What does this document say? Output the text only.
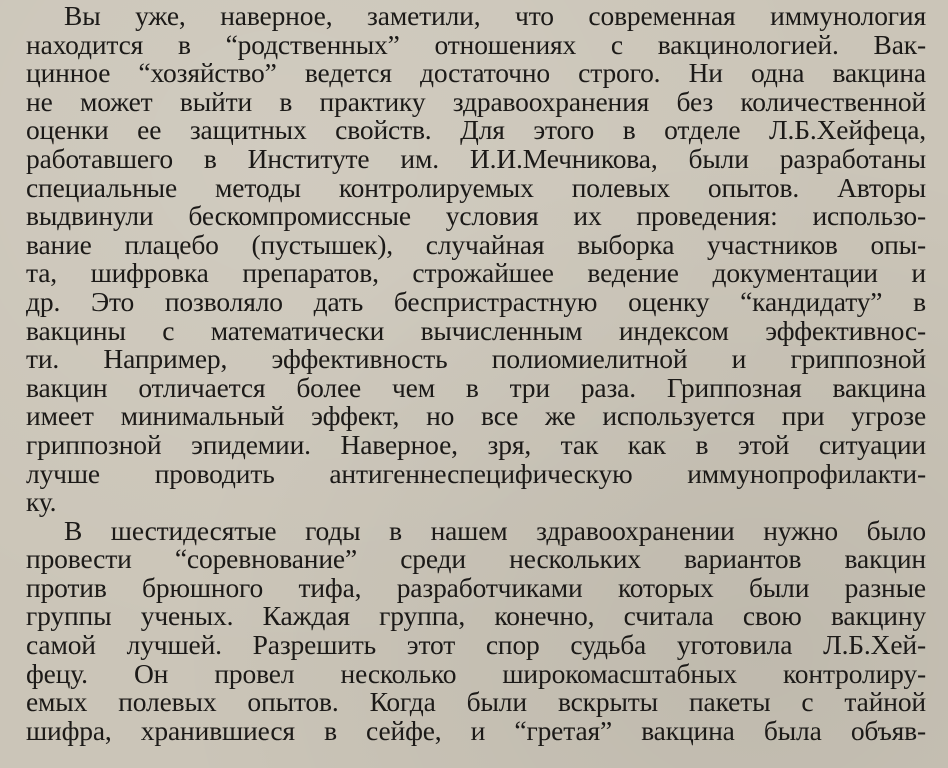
Вы уже, наверное, заметили, что современная иммунология
находится в “родственных” отношениях с вакцинологией. Вак-
цинное “хозяйство” ведется достаточно строго. Ни одна вакцина
не может выйти в практику здравоохранения без количественной
оценки ее защитных свойств. Для этого в отделе Л.Б.Хейфеца,
работавшего в Институте им. И.И.Мечникова, были разработаны
специальные методы контролируемых полевых опытов. Авторы
выдвинули бескомпромиссные условия их проведения: использо-
вание плацебо (пустышек), случайная выборка участников опы-
та, шифровка препаратов, строжайшее ведение документации и
др. Это позволяло дать беспристрастную оценку “кандидату” в
вакцины с математически вычисленным индексом эффективнос-
ти. Например, эффективность полиомиелитной и гриппозной
вакцин отличается более чем в три раза. Гриппозная вакцина
имеет минимальный эффект, но все же используется при угрозе
гриппозной эпидемии. Наверное, зря, так как в этой ситуации
лучше проводить антигеннеспецифическую иммунопрофилакти-
ку.
В шестидесятые годы в нашем здравоохранении нужно было
провести “соревнование” среди нескольких вариантов вакцин
против брюшного тифа, разработчиками которых были разные
группы ученых. Каждая группа, конечно, считала свою вакцину
самой лучшей. Разрешить этот спор судьба уготовила Л.Б.Хей-
фецу. Он провел несколько широкомасштабных контролиру-
емых полевых опытов. Когда были вскрыты пакеты с тайной
шифра, хранившиеся в сейфе, и “гретая” вакцина была объяв-
